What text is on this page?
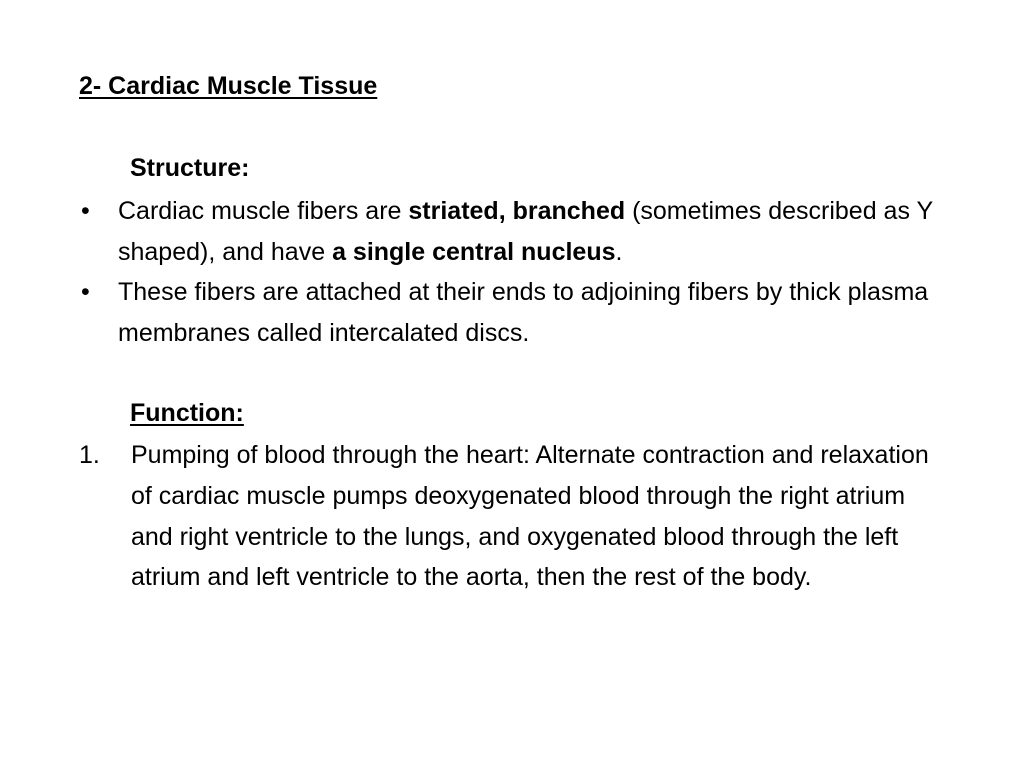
2- Cardiac Muscle Tissue
Structure:
• Cardiac muscle fibers are striated, branched (sometimes described as Y shaped), and have a single central nucleus.
• These fibers are attached at their ends to adjoining fibers by thick plasma membranes called intercalated discs.
Function:
1. Pumping of blood through the heart: Alternate contraction and relaxation of cardiac muscle pumps deoxygenated blood through the right atrium and right ventricle to the lungs, and oxygenated blood through the left atrium and left ventricle to the aorta, then the rest of the body.
